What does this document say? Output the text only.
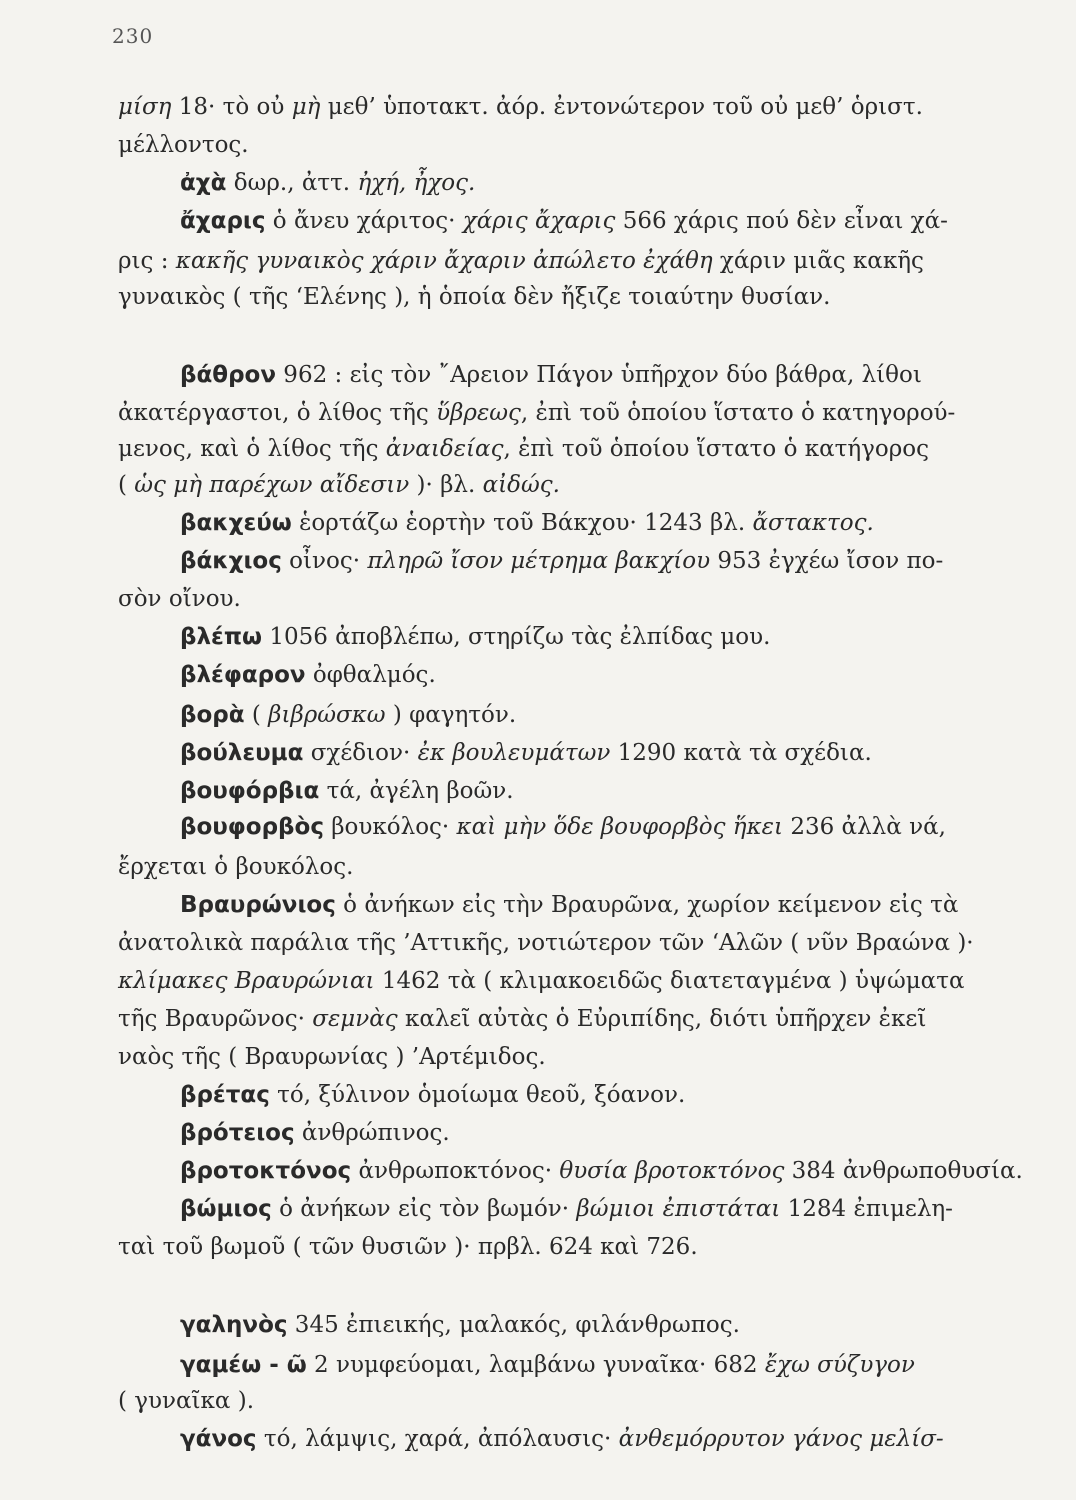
230
μίση 18· τὸ οὐ μὴ μεθ’ ὑποτακτ. ἀόρ. ἐντονώτερον τοῦ οὐ μεθ’ ὁριστ.
μέλλοντος.
ἀχὰ δωρ., ἀττ. ἠχή, ἦχος.
ἄχαρις ὁ ἄνευ χάριτος· χάρις ἄχαρις 566 χάρις πού δὲν εἶναι χά-
ρις : κακῆς γυναικὸς χάριν ἄχαριν ἀπώλετο ἐχάθη χάριν μιᾶς κακῆς
γυναικὸς ( τῆς ‘Ελένης ), ἡ ὁποία δὲν ἤξιζε τοιαύτην θυσίαν.
βάθρον 962 : εἰς τὸν ῎Αρειον Πάγον ὑπῆρχον δύο βάθρα, λίθοι
ἀκατέργαστοι, ὁ λίθος τῆς ὕβρεως, ἐπὶ τοῦ ὁποίου ἵστατο ὁ κατηγορού-
μενος, καὶ ὁ λίθος τῆς ἀναιδείας, ἐπὶ τοῦ ὁποίου ἵστατο ὁ κατήγορος
( ὡς μὴ παρέχων αἴδεσιν )· βλ. αἰδώς.
βακχεύω ἑορτάζω ἑορτὴν τοῦ Βάκχου· 1243 βλ. ἄστακτος.
βάκχιος οἶνος· πληρῶ ἴσον μέτρημα βακχίου 953 ἐγχέω ἴσον πο-
σὸν οἴνου.
βλέπω 1056 ἀποβλέπω, στηρίζω τὰς ἐλπίδας μου.
βλέφαρον ὀφθαλμός.
βορὰ ( βιβρώσκω ) φαγητόν.
βούλευμα σχέδιον· ἐκ βουλευμάτων 1290 κατὰ τὰ σχέδια.
βουφόρβια τά, ἀγέλη βοῶν.
βουφορβὸς βουκόλος· καὶ μὴν ὅδε βουφορβὸς ἥκει 236 ἀλλὰ νά,
ἔρχεται ὁ βουκόλος.
Βραυρώνιος ὁ ἀνήκων εἰς τὴν Βραυρῶνα, χωρίον κείμενον εἰς τὰ
ἀνατολικὰ παράλια τῆς ’Αττικῆς, νοτιώτερον τῶν ‘Αλῶν ( νῦν Βραώνα )·
κλίμακες Βραυρώνιαι 1462 τὰ ( κλιμακοειδῶς διατεταγμένα ) ὑψώματα
τῆς Βραυρῶνος· σεμνὰς καλεῖ αὐτὰς ὁ Εὐριπίδης, διότι ὑπῆρχεν ἐκεῖ
ναὸς τῆς ( Βραυρωνίας ) ’Αρτέμιδος.
βρέτας τό, ξύλινον ὁμοίωμα θεοῦ, ξόανον.
βρότειος ἀνθρώπινος.
βροτοκτόνος ἀνθρωποκτόνος· θυσία βροτοκτόνος 384 ἀνθρωποθυσία.
βώμιος ὁ ἀνήκων εἰς τὸν βωμόν· βώμιοι ἐπιστάται 1284 ἐπιμελη-
ταὶ τοῦ βωμοῦ ( τῶν θυσιῶν )· πρβλ. 624 καὶ 726.
γαληνὸς 345 ἐπιεικής, μαλακός, φιλάνθρωπος.
γαμέω - ῶ 2 νυμφεύομαι, λαμβάνω γυναῖκα· 682 ἔχω σύζυγον
( γυναῖκα ).
γάνος τό, λάμψις, χαρά, ἀπόλαυσις· ἀνθεμόρρυτον γάνος μελίσ-
